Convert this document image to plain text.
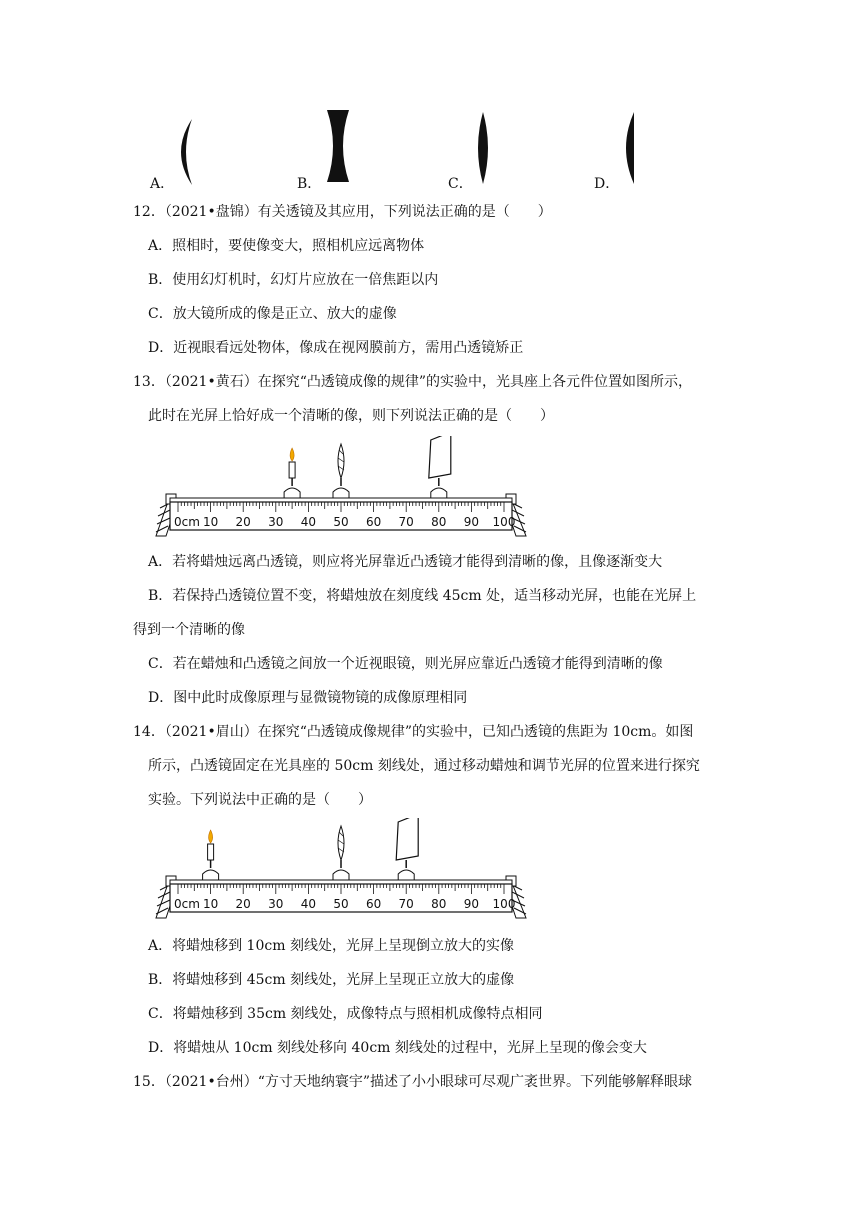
A．	B．	C．	D．
12．（2021•盘锦）有关透镜及其应用，下列说法正确的是（　　）
A．照相时，要使像变大，照相机应远离物体
B．使用幻灯机时，幻灯片应放在一倍焦距以内
C．放大镜所成的像是正立、放大的虚像
D．近视眼看远处物体，像成在视网膜前方，需用凸透镜矫正
13．（2021•黄石）在探究“凸透镜成像的规律”的实验中，光具座上各元件位置如图所示，
此时在光屏上恰好成一个清晰的像，则下列说法正确的是（　　）
0cm 10 20 30 40 50 60 70 80 90 100
A．若将蜡烛远离凸透镜，则应将光屏靠近凸透镜才能得到清晰的像，且像逐渐变大
B．若保持凸透镜位置不变，将蜡烛放在刻度线 45cm 处，适当移动光屏，也能在光屏上
得到一个清晰的像
C．若在蜡烛和凸透镜之间放一个近视眼镜，则光屏应靠近凸透镜才能得到清晰的像
D．图中此时成像原理与显微镜物镜的成像原理相同
14．（2021•眉山）在探究“凸透镜成像规律”的实验中，已知凸透镜的焦距为 10cm。如图
所示，凸透镜固定在光具座的 50cm 刻线处，通过移动蜡烛和调节光屏的位置来进行探究
实验。下列说法中正确的是（　　）
0cm 10 20 30 40 50 60 70 80 90 100
A．将蜡烛移到 10cm 刻线处，光屏上呈现倒立放大的实像
B．将蜡烛移到 45cm 刻线处，光屏上呈现正立放大的虚像
C．将蜡烛移到 35cm 刻线处，成像特点与照相机成像特点相同
D．将蜡烛从 10cm 刻线处移向 40cm 刻线处的过程中，光屏上呈现的像会变大
15．（2021•台州）“方寸天地纳寰宇”描述了小小眼球可尽观广袤世界。下列能够解释眼球
